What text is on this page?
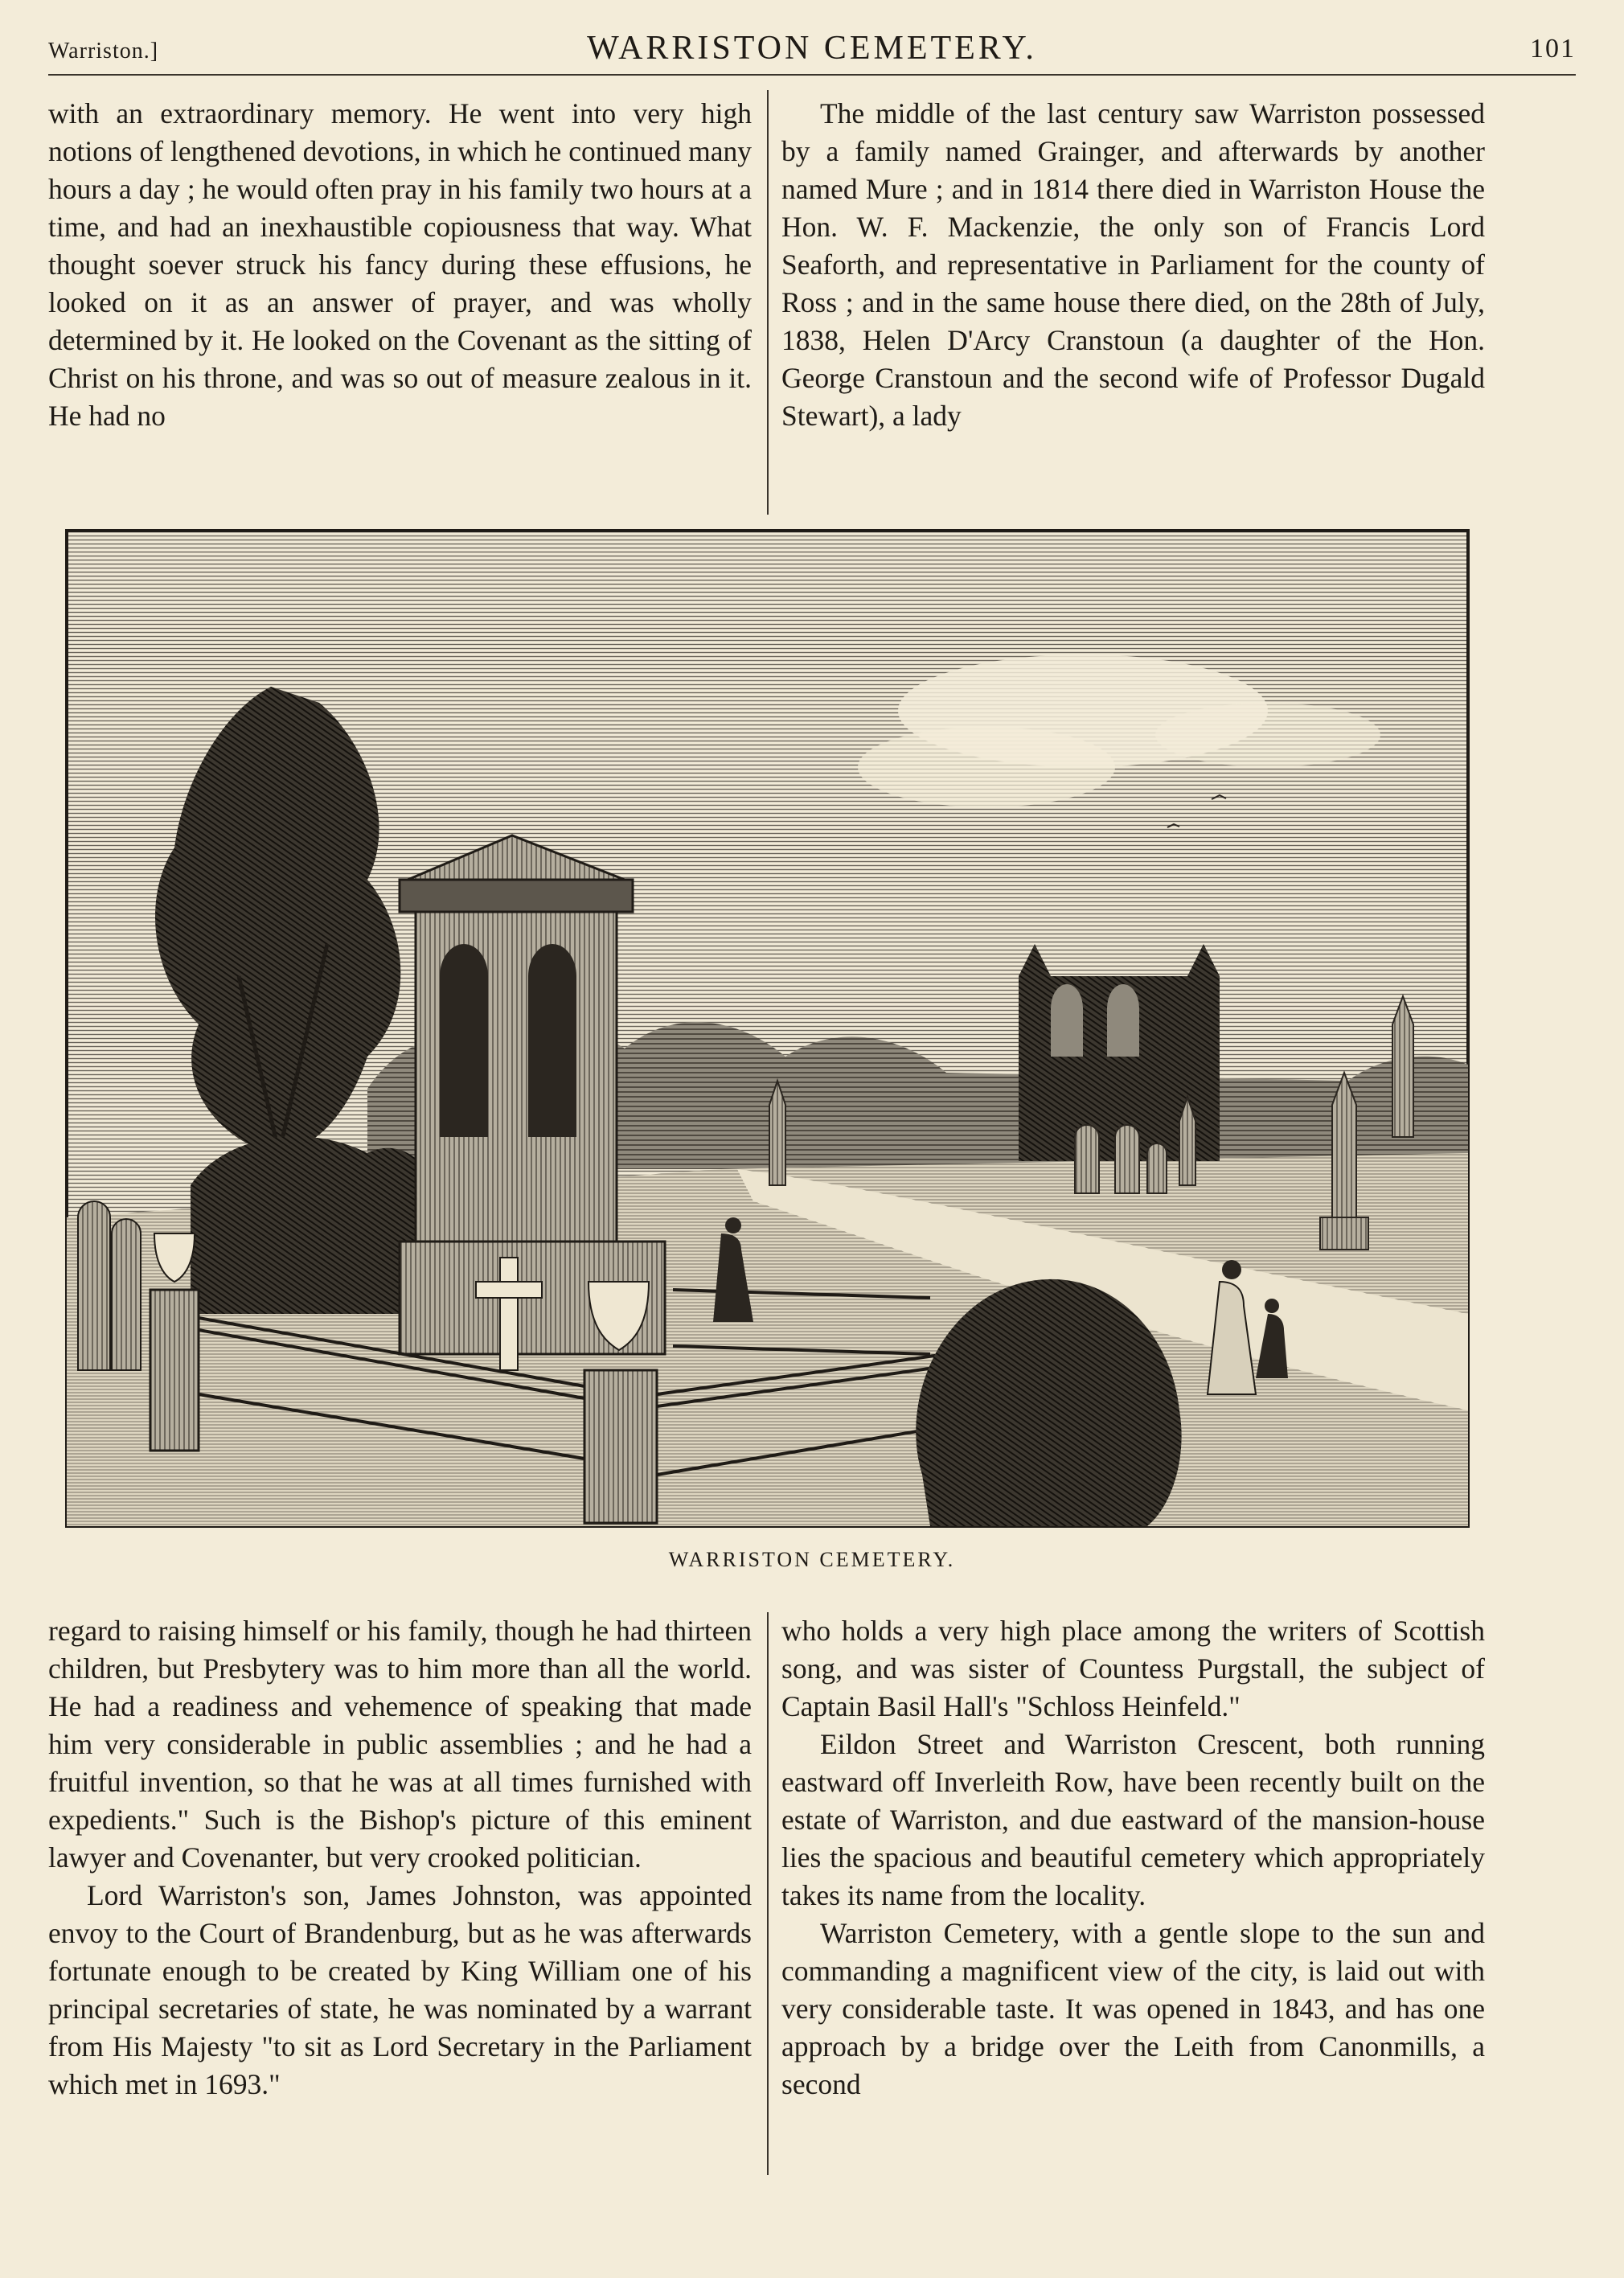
Warriston.]	WARRISTON CEMETERY.	101

with an extraordinary memory. He went into very high notions of lengthened devotions, in which he continued many hours a day ; he would often pray in his family two hours at a time, and had an inexhaustible copiousness that way. What thought soever struck his fancy during these effusions, he looked on it as an answer of prayer, and was wholly determined by it. He looked on the Covenant as the sitting of Christ on his throne, and was so out of measure zealous in it. He had no

The middle of the last century saw Warriston possessed by a family named Grainger, and afterwards by another named Mure ; and in 1814 there died in Warriston House the Hon. W. F. Mackenzie, the only son of Francis Lord Seaforth, and representative in Parliament for the county of Ross ; and in the same house there died, on the 28th of July, 1838, Helen D'Arcy Cranstoun (a daughter of the Hon. George Cranstoun and the second wife of Professor Dugald Stewart), a lady

WARRISTON CEMETERY.

regard to raising himself or his family, though he had thirteen children, but Presbytery was to him more than all the world. He had a readiness and vehemence of speaking that made him very considerable in public assemblies ; and he had a fruitful invention, so that he was at all times furnished with expedients." Such is the Bishop's picture of this eminent lawyer and Covenanter, but very crooked politician.

Lord Warriston's son, James Johnston, was appointed envoy to the Court of Brandenburg, but as he was afterwards fortunate enough to be created by King William one of his principal secretaries of state, he was nominated by a warrant from His Majesty "to sit as Lord Secretary in the Parliament which met in 1693."

who holds a very high place among the writers of Scottish song, and was sister of Countess Purgstall, the subject of Captain Basil Hall's "Schloss Heinfeld."

Eildon Street and Warriston Crescent, both running eastward off Inverleith Row, have been recently built on the estate of Warriston, and due eastward of the mansion-house lies the spacious and beautiful cemetery which appropriately takes its name from the locality.

Warriston Cemetery, with a gentle slope to the sun and commanding a magnificent view of the city, is laid out with very considerable taste. It was opened in 1843, and has one approach by a bridge over the Leith from Canonmills, a second
